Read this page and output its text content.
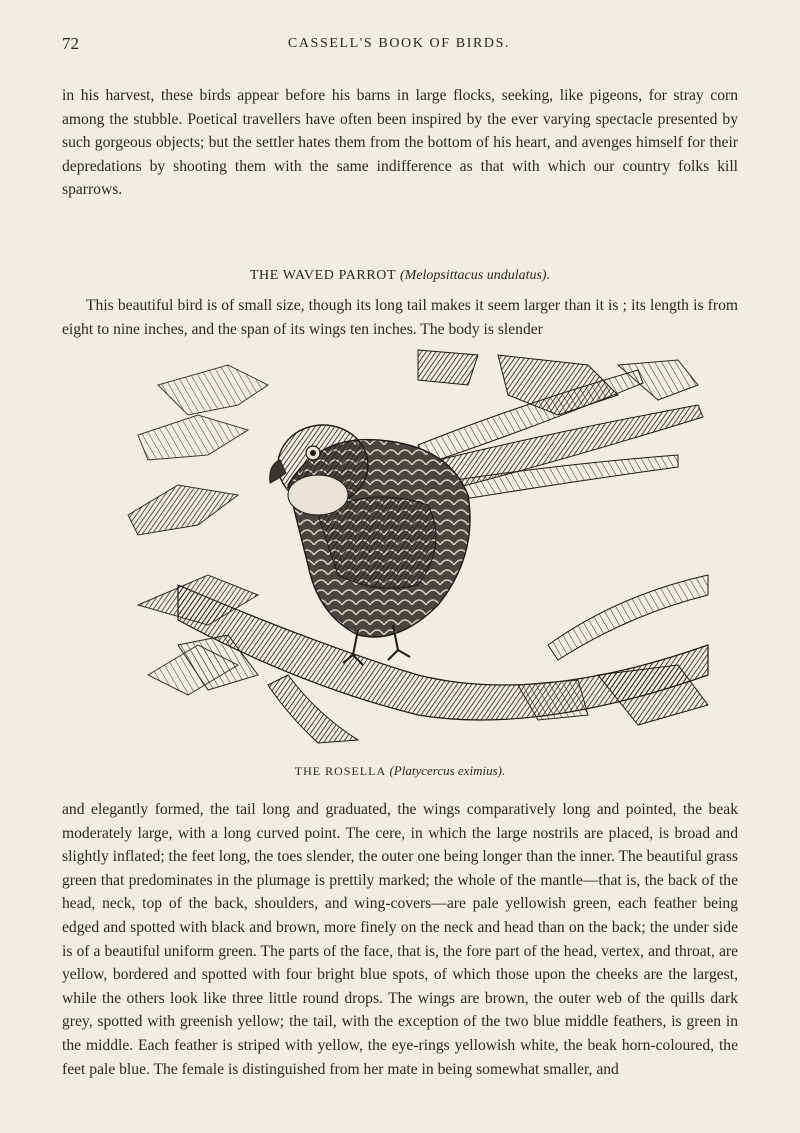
72	CASSELL'S BOOK OF BIRDS.

in his harvest, these birds appear before his barns in large flocks, seeking, like pigeons, for stray corn among the stubble. Poetical travellers have often been inspired by the ever varying spectacle presented by such gorgeous objects; but the settler hates them from the bottom of his heart, and avenges himself for their depredations by shooting them with the same indifference as that with which our country folks kill sparrows.

THE WAVED PARROT (Melopsittacus undulatus).

This beautiful bird is of small size, though its long tail makes it seem larger than it is ; its length is from eight to nine inches, and the span of its wings ten inches. The body is slender

THE ROSELLA (Platycercus eximius).

and elegantly formed, the tail long and graduated, the wings comparatively long and pointed, the beak moderately large, with a long curved point. The cere, in which the large nostrils are placed, is broad and slightly inflated; the feet long, the toes slender, the outer one being longer than the inner. The beautiful grass green that predominates in the plumage is prettily marked; the whole of the mantle—that is, the back of the head, neck, top of the back, shoulders, and wing-covers—are pale yellowish green, each feather being edged and spotted with black and brown, more finely on the neck and head than on the back; the under side is of a beautiful uniform green. The parts of the face, that is, the fore part of the head, vertex, and throat, are yellow, bordered and spotted with four bright blue spots, of which those upon the cheeks are the largest, while the others look like three little round drops. The wings are brown, the outer web of the quills dark grey, spotted with greenish yellow; the tail, with the exception of the two blue middle feathers, is green in the middle. Each feather is striped with yellow, the eye-rings yellowish white, the beak horn-coloured, the feet pale blue. The female is distinguished from her mate in being somewhat smaller, and
